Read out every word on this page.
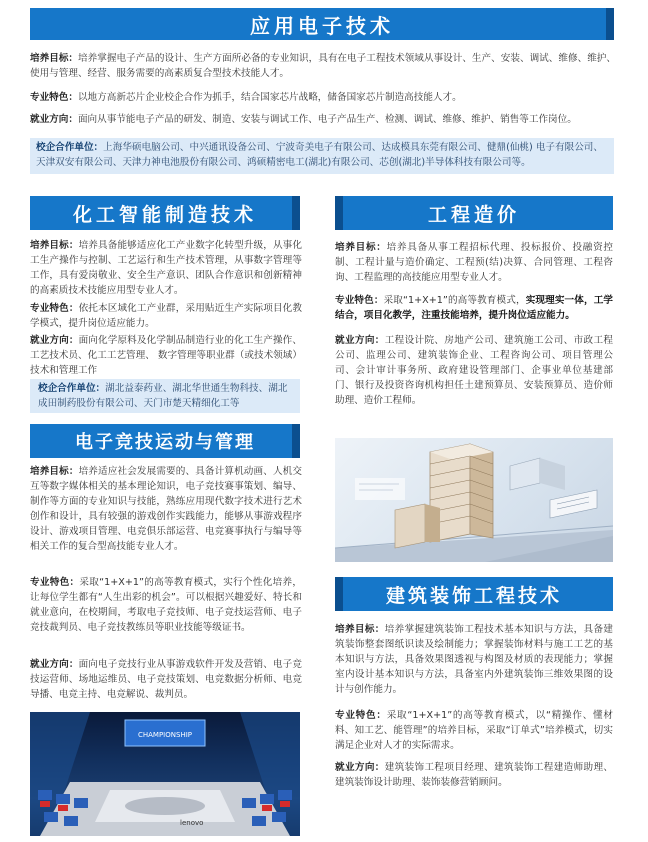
应用电子技术
培养目标：培养掌握电子产品的设计、生产方面所必备的专业知识，具有在电子工程技术领域从事设计、生产、安装、调试、维修、维护、使用与管理、经营、服务需要的高素质复合型技术技能人才。
专业特色：以地方高新芯片企业校企合作为抓手，结合国家芯片战略，储备国家芯片制造高技能人才。
就业方向：面向从事节能电子产品的研发、制造、安装与调试工作、电子产品生产、检测、调试、维修、维护、销售等工作岗位。
校企合作单位：上海华硕电脑公司、中兴通讯设备公司、宁波奇美电子有限公司、达成模具东莞有限公司、健鼎(仙桃) 电子有限公司、天津双安有限公司、天津力神电池股份有限公司、鸿硕精密电工(湖北)有限公司、芯创(湖北)半导体科技有限公司等。
化工智能制造技术
培养目标：培养具备能够适应化工产业数字化转型升级，从事化工生产操作与控制、工艺运行和生产技术管理，从事数字管理等工作，具有爱岗敬业、安全生产意识、团队合作意识和创新精神的高素质技术技能应用型专业人才。
专业特色：依托本区域化工产业群，采用贴近生产实际项目化教学模式，提升岗位适应能力。
就业方向：面向化学原料及化学制品制造行业的化工生产操作、工艺技术员、化工工艺管理、 数字管理等职业群（或技术领域）技术和管理工作
校企合作单位：湖北益泰药业、湖北华世通生物科技、湖北成田制药股份有限公司、天门市楚天精细化工等
工程造价
培养目标：培养具备从事工程招标代理、投标报价、投融资控制、工程计量与造价确定、工程预(结)决算、合同管理、工程咨询、工程监理的高技能应用型专业人才。
专业特色：采取“1+X+1”的高等教育模式，实现理实一体，工学结合，项目化教学，注重技能培养，提升岗位适应能力。
就业方向：工程设计院、房地产公司、建筑施工公司、市政工程公司、监理公司、建筑装饰企业、工程咨询公司、项目管理公司、会计审计事务所、政府建设管理部门、企事业单位基建部门、银行及投资咨询机构担任土建预算员、安装预算员、造价师助理、造价工程师。
电子竞技运动与管理
培养目标：培养适应社会发展需要的、具备计算机动画、人机交互等数字媒体相关的基本理论知识，电子竞技赛事策划、编导、制作等方面的专业知识与技能，熟练应用现代数字技术进行艺术创作和设计，具有较强的游戏创作实践能力，能够从事游戏程序设计、游戏项目管理、电竞俱乐部运营、电竞赛事执行与编导等相关工作的复合型高技能专业人才。
专业特色：采取“1+X+1”的高等教育模式，实行个性化培养，让每位学生都有“人生出彩的机会”。可以根据兴趣爱好、特长和就业意向，在校期间，考取电子竞技师、电子竞技运营师、电子竞技裁判员、电子竞技教练员等职业技能等级证书。
就业方向：面向电子竞技行业从事游戏软件开发及营销、电子竞技运营师、场地运维员、电子竞技策划、电竞数据分析师、电竞导播、电竞主持、电竞解说、裁判员。
CHAMPIONSHIP
lenovo
建筑装饰工程技术
培养目标：培养掌握建筑装饰工程技术基本知识与方法，具备建筑装饰整套图纸识读及绘制能力；掌握装饰材料与施工工艺的基本知识与方法，具备效果图透视与构图及材质的表现能力；掌握室内设计基本知识与方法，具备室内外建筑装饰三维效果图的设计与创作能力。
专业特色：采取“1+X+1”的高等教育模式，以“精操作、懂材料、知工艺、能管理”的培养目标，采取“订单式”培养模式，切实满足企业对人才的实际需求。
就业方向：建筑装饰工程项目经理、建筑装饰工程建造师助理、建筑装饰设计助理、装饰装修营销顾问。
